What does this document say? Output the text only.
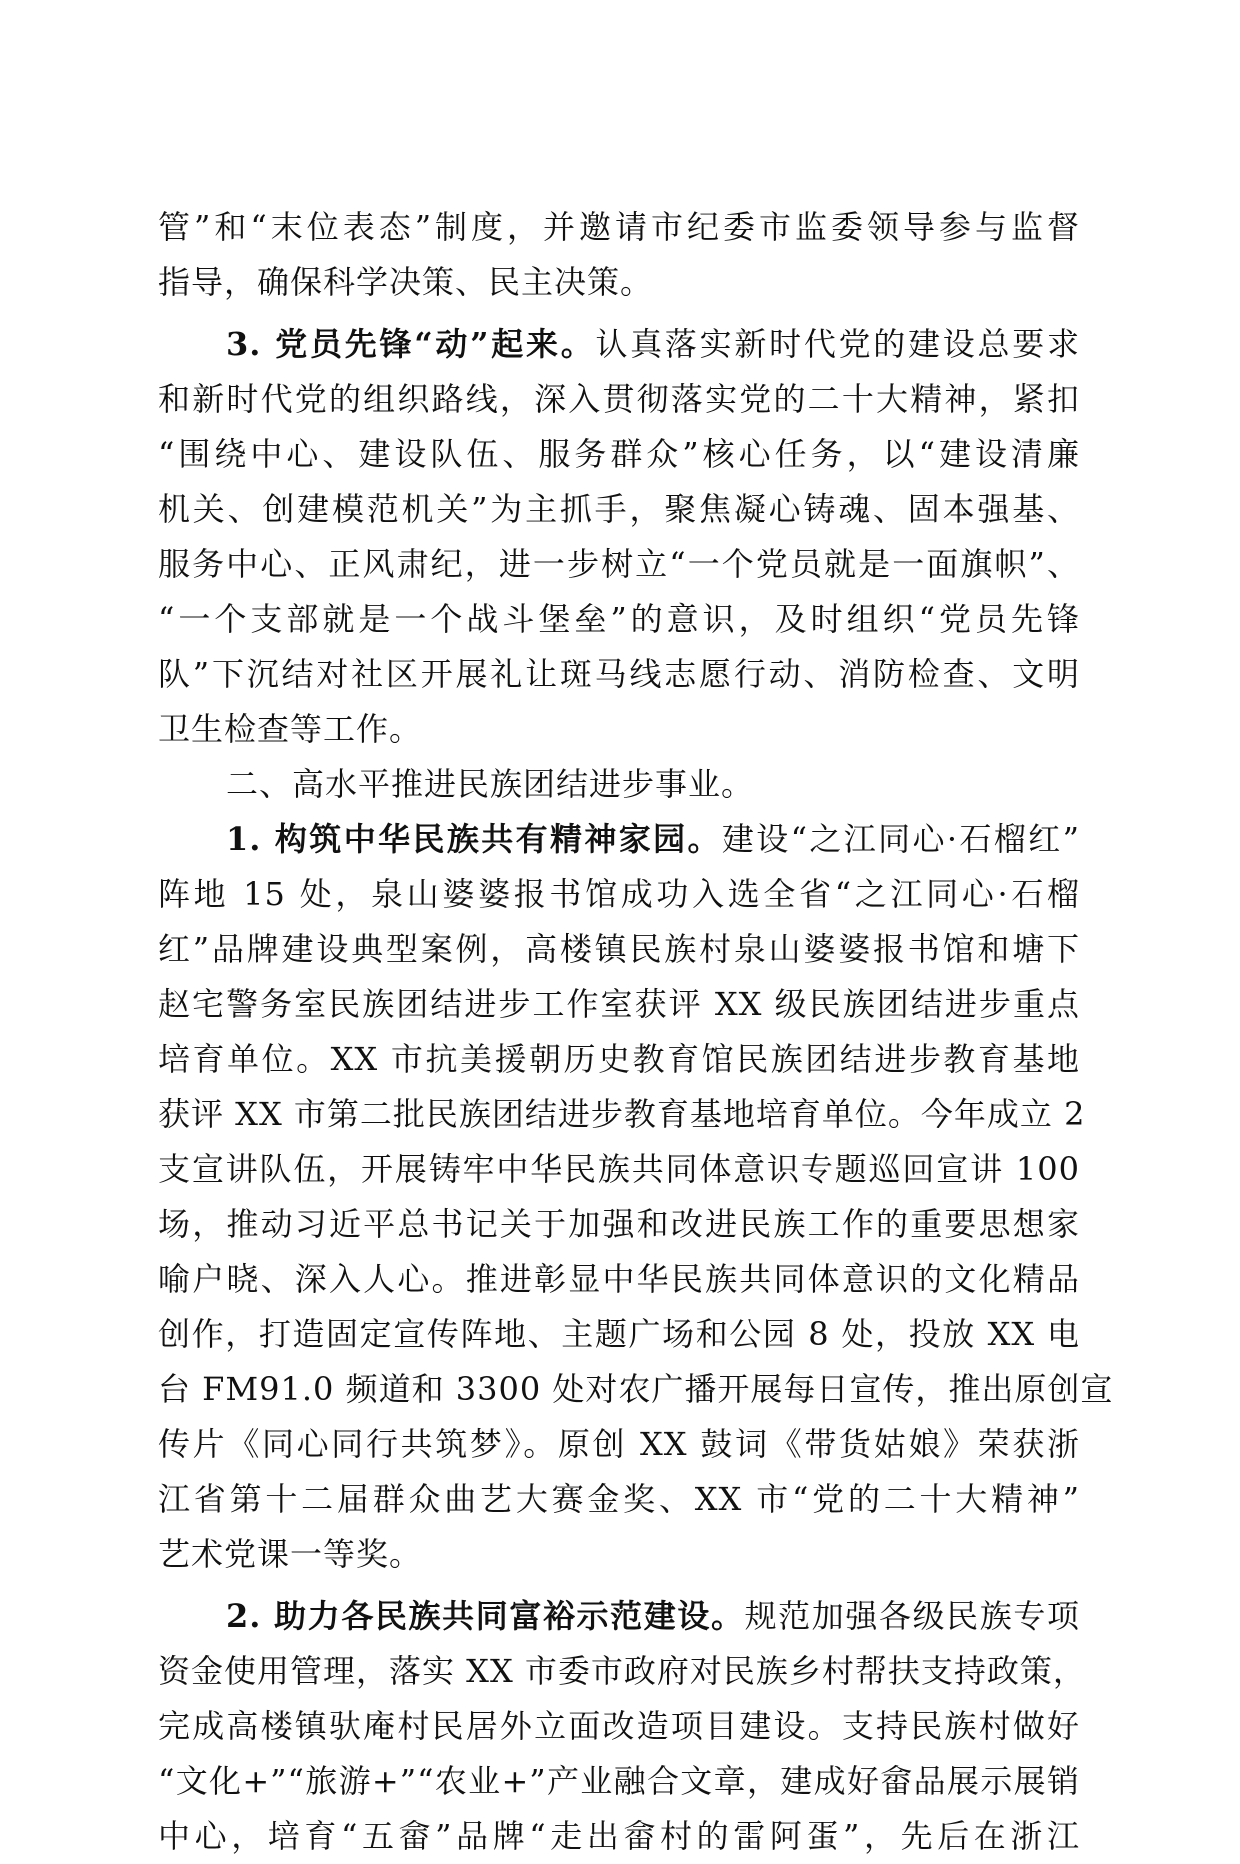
管”和“末位表态”制度，并邀请市纪委市监委领导参与监督
指导，确保科学决策、民主决策。
3. 党员先锋“动”起来。认真落实新时代党的建设总要求
和新时代党的组织路线，深入贯彻落实党的二十大精神，紧扣
“围绕中心、建设队伍、服务群众”核心任务，以“建设清廉
机关、创建模范机关”为主抓手，聚焦凝心铸魂、固本强基、
服务中心、正风肃纪，进一步树立“一个党员就是一面旗帜”、
“一个支部就是一个战斗堡垒”的意识，及时组织“党员先锋
队”下沉结对社区开展礼让斑马线志愿行动、消防检查、文明
卫生检查等工作。
二、高水平推进民族团结进步事业。
1. 构筑中华民族共有精神家园。建设“之江同心·石榴红”
阵地 15 处，泉山婆婆报书馆成功入选全省“之江同心·石榴
红”品牌建设典型案例，高楼镇民族村泉山婆婆报书馆和塘下
赵宅警务室民族团结进步工作室获评 XX 级民族团结进步重点
培育单位。XX 市抗美援朝历史教育馆民族团结进步教育基地
获评 XX 市第二批民族团结进步教育基地培育单位。今年成立 2
支宣讲队伍，开展铸牢中华民族共同体意识专题巡回宣讲 100
场，推动习近平总书记关于加强和改进民族工作的重要思想家
喻户晓、深入人心。推进彰显中华民族共同体意识的文化精品
创作，打造固定宣传阵地、主题广场和公园 8 处，投放 XX 电
台 FM91.0 频道和 3300 处对农广播开展每日宣传，推出原创宣
传片《同心同行共筑梦》。原创 XX 鼓词《带货姑娘》荣获浙
江省第十二届群众曲艺大赛金奖、XX 市“党的二十大精神”
艺术党课一等奖。
2. 助力各民族共同富裕示范建设。规范加强各级民族专项
资金使用管理，落实 XX 市委市政府对民族乡村帮扶支持政策，
完成高楼镇驮庵村民居外立面改造项目建设。支持民族村做好
“文化+”“旅游+”“农业+”产业融合文章，建成好畲品展示展销
中心，培育“五畲”品牌“走出畲村的雷阿蛋”，先后在浙江
